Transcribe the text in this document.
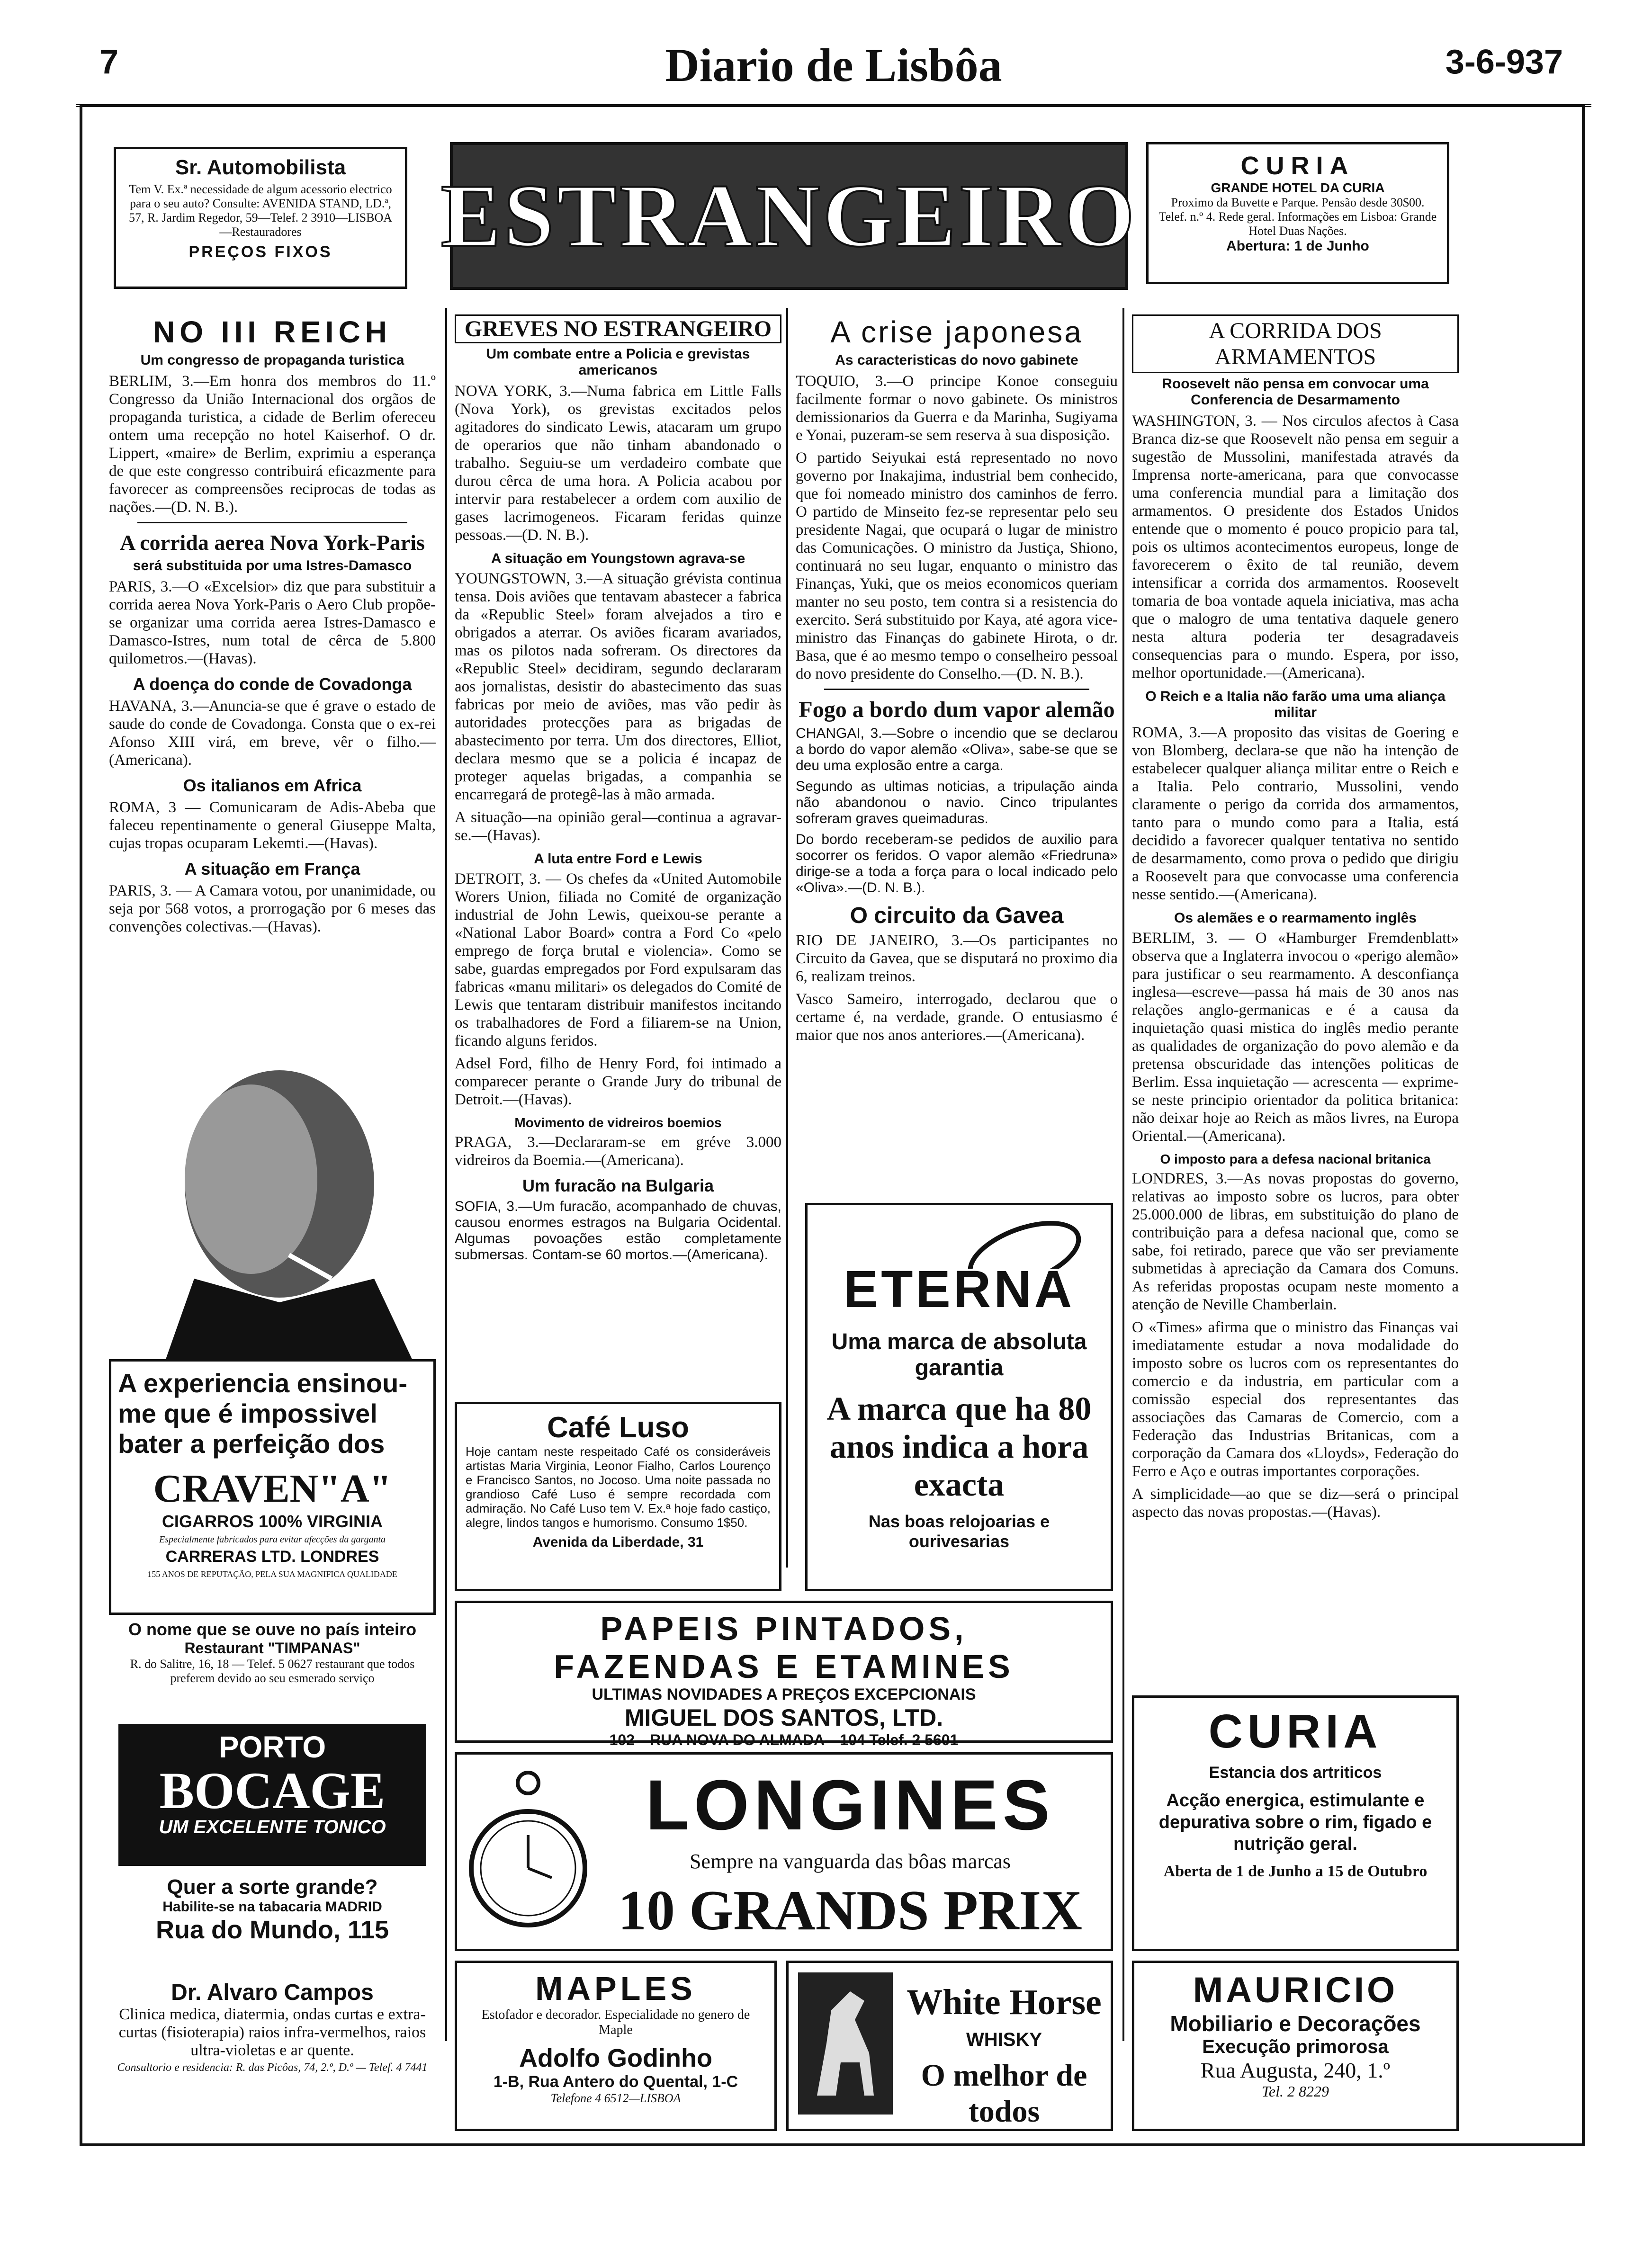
7	Diario de Lisbôa	3-6-937
Sr. Automobilista
Tem V. Ex.ª necessidade de algum acessorio electrico para o seu auto? Consulte: AVENIDA STAND, LD.ª, 57, R. Jardim Regedor, 59—Telef. 2 3910—LISBOA—Restauradores
PREÇOS FIXOS	ESTRANGEIRO
CURIA
GRANDE HOTEL DA CURIA
Proximo da Buvette e Parque. Pensão desde 30$00. Telef. n.º 4. Rede geral. Informações em Lisboa: Grande Hotel Duas Nações.
Abertura: 1 de Junho
NO III REICH
Um congresso de propaganda turistica

BERLIM, 3.—Em honra dos membros do 11.º Congresso da União Internacional dos orgãos de propaganda turistica, a cidade de Berlim ofereceu ontem uma recepção no hotel Kaiserhof. O dr. Lippert, «maire» de Berlim, exprimiu a esperança de que este congresso contribuirá eficazmente para favorecer as compreensões reciprocas de todas as nações.—(D. N. B.).

A corrida aerea Nova York-Paris
será substituida por uma Istres-Damasco

PARIS, 3.—O «Excelsior» diz que para substituir a corrida aerea Nova York-Paris o Aero Club propõe-se organizar uma corrida aerea Istres-Damasco e Damasco-Istres, num total de cêrca de 5.800 quilometros.—(Havas).

A doença do conde de Covadonga

HAVANA, 3.—Anuncia-se que é grave o estado de saude do conde de Covadonga. Consta que o ex-rei Afonso XIII virá, em breve, vêr o filho.—(Americana).

Os italianos em Africa

ROMA, 3 — Comunicaram de Adis-Abeba que faleceu repentinamente o general Giuseppe Malta, cujas tropas ocuparam Lekemti.—(Havas).

A situação em França

PARIS, 3. — A Camara votou, por unanimidade, ou seja por 568 votos, a prorrogação por 6 meses das convenções colectivas.—(Havas).

A experiencia ensinou-me que é impossivel bater a perfeição dos
CRAVEN"A"
CIGARROS 100% VIRGINIA
Especialmente fabricados para evitar afecções da garganta
CARRERAS LTD. LONDRES
155 ANOS DE REPUTAÇÃO, PELA SUA MAGNIFICA QUALIDADE
O nome que se ouve no país inteiro
Restaurant "TIMPANAS"
R. do Salitre, 16, 18 — Telef. 5 0627 restaurant que todos preferem devido ao seu esmerado serviço
PORTO
BOCAGE
UM EXCELENTE TONICO
Quer a sorte grande?
Habilite-se na tabacaria MADRID
Rua do Mundo, 115
Dr. Alvaro Campos
Clinica medica, diatermia, ondas curtas e extra-curtas (fisioterapia) raios infra-vermelhos, raios ultra-violetas e ar quente.
Consultorio e residencia: R. das Picôas, 74, 2.º, D.º — Telef. 4 7441
GREVES NO ESTRANGEIRO
Um combate entre a Policia e grevistas americanos

NOVA YORK, 3.—Numa fabrica em Little Falls (Nova York), os grevistas excitados pelos agitadores do sindicato Lewis, atacaram um grupo de operarios que não tinham abandonado o trabalho. Seguiu-se um verdadeiro combate que durou cêrca de uma hora. A Policia acabou por intervir para restabelecer a ordem com auxilio de gases lacrimogeneos. Ficaram feridas quinze pessoas.—(D. N. B.).

A situação em Youngstown agrava-se

YOUNGSTOWN, 3.—A situação grévista continua tensa. Dois aviões que tentavam abastecer a fabrica da «Republic Steel» foram alvejados a tiro e obrigados a aterrar. Os aviões ficaram avariados, mas os pilotos nada sofreram. Os directores da «Republic Steel» decidiram, segundo declararam aos jornalistas, desistir do abastecimento das suas fabricas por meio de aviões, mas vão pedir às autoridades protecções para as brigadas de abastecimento por terra. Um dos directores, Elliot, declara mesmo que se a policia é incapaz de proteger aquelas brigadas, a companhia se encarregará de protegê-las à mão armada.

A situação—na opinião geral—continua a agravar-se.—(Havas).

A luta entre Ford e Lewis

DETROIT, 3. — Os chefes da «United Automobile Worers Union, filiada no Comité de organização industrial de John Lewis, queixou-se perante a «National Labor Board» contra a Ford Co «pelo emprego de força brutal e violencia». Como se sabe, guardas empregados por Ford expulsaram das fabricas «manu militari» os delegados do Comité de Lewis que tentaram distribuir manifestos incitando os trabalhadores de Ford a filiarem-se na Union, ficando alguns feridos.

Adsel Ford, filho de Henry Ford, foi intimado a comparecer perante o Grande Jury do tribunal de Detroit.—(Havas).

Movimento de vidreiros boemios

PRAGA, 3.—Declararam-se em gréve 3.000 vidreiros da Boemia.—(Americana).

Um furacão na Bulgaria

SOFIA, 3.—Um furacão, acompanhado de chuvas, causou enormes estragos na Bulgaria Ocidental. Algumas povoações estão completamente submersas. Contam-se 60 mortos.—(Americana).

Café Luso
Hoje cantam neste respeitado Café os consideráveis artistas Maria Virginia, Leonor Fialho, Carlos Lourenço e Francisco Santos, no Jocoso. Uma noite passada no grandioso Café Luso é sempre recordada com admiração. No Café Luso tem V. Ex.ª hoje fado castiço, alegre, lindos tangos e humorismo. Consumo 1$50.
Avenida da Liberdade, 31
A crise japonesa
As caracteristicas do novo gabinete

TOQUIO, 3.—O principe Konoe conseguiu facilmente formar o novo gabinete. Os ministros demissionarios da Guerra e da Marinha, Sugiyama e Yonai, puzeram-se sem reserva à sua disposição.

O partido Seiyukai está representado no novo governo por Inakajima, industrial bem conhecido, que foi nomeado ministro dos caminhos de ferro. O partido de Minseito fez-se representar pelo seu presidente Nagai, que ocupará o lugar de ministro das Comunicações. O ministro da Justiça, Shiono, continuará no seu lugar, enquanto o ministro das Finanças, Yuki, que os meios economicos queriam manter no seu posto, tem contra si a resistencia do exercito. Será substituido por Kaya, até agora vice-ministro das Finanças do gabinete Hirota, o dr. Basa, que é ao mesmo tempo o conselheiro pessoal do novo presidente do Conselho.—(D. N. B.).

Fogo a bordo dum vapor alemão

CHANGAI, 3.—Sobre o incendio que se declarou a bordo do vapor alemão «Oliva», sabe-se que se deu uma explosão entre a carga.

Segundo as ultimas noticias, a tripulação ainda não abandonou o navio. Cinco tripulantes sofreram graves queimaduras.

Do bordo receberam-se pedidos de auxilio para socorrer os feridos. O vapor alemão «Friedruna» dirige-se a toda a força para o local indicado pelo «Oliva».—(D. N. B.).

O circuito da Gavea

RIO DE JANEIRO, 3.—Os participantes no Circuito da Gavea, que se disputará no proximo dia 6, realizam treinos.

Vasco Sameiro, interrogado, declarou que o certame é, na verdade, grande. O entusiasmo é maior que nos anos anteriores.—(Americana).

ETERNA
Uma marca de absoluta garantia
A marca que ha 80 anos indica a hora exacta
Nas boas relojoarias e ourivesarias
A CORRIDA DOS ARMAMENTOS
Roosevelt não pensa em convocar uma Conferencia de Desarmamento

WASHINGTON, 3. — Nos circulos afectos à Casa Branca diz-se que Roosevelt não pensa em seguir a sugestão de Mussolini, manifestada através da Imprensa norte-americana, para que convocasse uma conferencia mundial para a limitação dos armamentos. O presidente dos Estados Unidos entende que o momento é pouco propicio para tal, pois os ultimos acontecimentos europeus, longe de favorecerem o êxito de tal reunião, devem intensificar a corrida dos armamentos. Roosevelt tomaria de boa vontade aquela iniciativa, mas acha que o malogro de uma tentativa daquele genero nesta altura poderia ter desagradaveis consequencias para o mundo. Espera, por isso, melhor oportunidade.—(Americana).

O Reich e a Italia não farão uma uma aliança militar

ROMA, 3.—A proposito das visitas de Goering e von Blomberg, declara-se que não ha intenção de estabelecer qualquer aliança militar entre o Reich e a Italia. Pelo contrario, Mussolini, vendo claramente o perigo da corrida dos armamentos, tanto para o mundo como para a Italia, está decidido a favorecer qualquer tentativa no sentido de desarmamento, como prova o pedido que dirigiu a Roosevelt para que convocasse uma conferencia nesse sentido.—(Americana).

Os alemães e o rearmamento inglês

BERLIM, 3. — O «Hamburger Fremdenblatt» observa que a Inglaterra invocou o «perigo alemão» para justificar o seu rearmamento. A desconfiança inglesa—escreve—passa há mais de 30 anos nas relações anglo-germanicas e é a causa da inquietação quasi mistica do inglês medio perante as qualidades de organização do povo alemão e da pretensa obscuridade das intenções politicas de Berlim. Essa inquietação — acrescenta — exprime-se neste principio orientador da politica britanica: não deixar hoje ao Reich as mãos livres, na Europa Oriental.—(Americana).

O imposto para a defesa nacional britanica

LONDRES, 3.—As novas propostas do governo, relativas ao imposto sobre os lucros, para obter 25.000.000 de libras, em substituição do plano de contribuição para a defesa nacional que, como se sabe, foi retirado, parece que vão ser previamente submetidas à apreciação da Camara dos Comuns. As referidas propostas ocupam neste momento a atenção de Neville Chamberlain.

O «Times» afirma que o ministro das Finanças vai imediatamente estudar a nova modalidade do imposto sobre os lucros com os representantes do comercio e da industria, em particular com a comissão especial dos representantes das associações das Camaras de Comercio, com a Federação das Industrias Britanicas, com a corporação da Camara dos «Lloyds», Federação do Ferro e Aço e outras importantes corporações.

A simplicidade—ao que se diz—será o principal aspecto das novas propostas.—(Havas).

PAPEIS PINTADOS,
FAZENDAS E ETAMINES
ULTIMAS NOVIDADES A PREÇOS EXCEPCIONAIS
MIGUEL DOS SANTOS, LTD.
102—RUA NOVA DO ALMADA—104 Telef. 2 5601
LONGINES
Sempre na vanguarda das bôas marcas
10 GRANDS PRIX
CURIA
Estancia dos artriticos
Acção energica, estimulante e depurativa sobre o rim, figado e nutrição geral.
Aberta de 1 de Junho a 15 de Outubro
MAPLES
Estofador e decorador. Especialidade no genero de Maple
Adolfo Godinho
1-B, Rua Antero do Quental, 1-C
Telefone 4 6512—LISBOA
White Horse
WHISKY
O melhor de todos
MAURICIO
Mobiliario e Decorações
Execução primorosa
Rua Augusta, 240, 1.º
Tel. 2 8229
